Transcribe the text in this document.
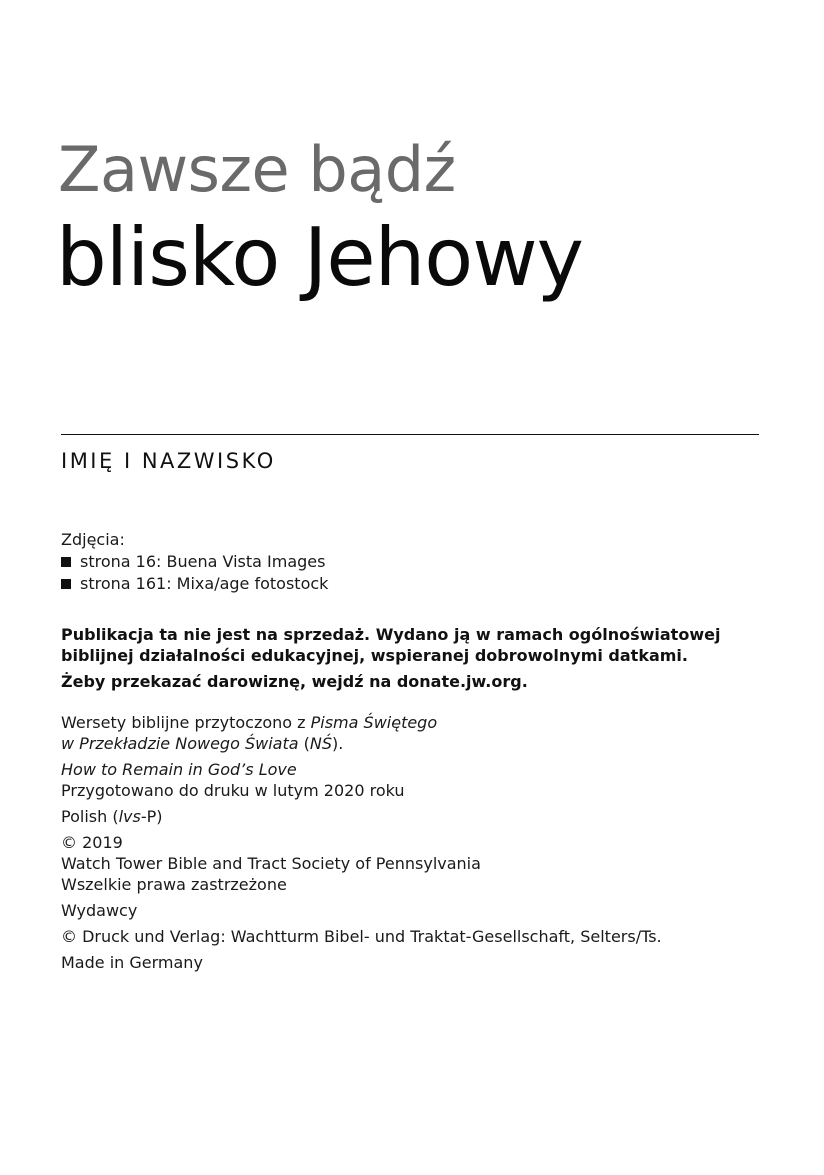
Zawsze bądź
blisko Jehowy
IMIĘ I NAZWISKO
Zdjęcia:
strona 16: Buena Vista Images
strona 161: Mixa/age fotostock
Publikacja ta nie jest na sprzedaż. Wydano ją w ramach ogólnoświatowej
biblijnej działalności edukacyjnej, wspieranej dobrowolnymi datkami.
Żeby przekazać darowiznę, wejdź na donate.jw.org.
Wersety biblijne przytoczono z Pisma Świętego
w Przekładzie Nowego Świata (NŚ).
How to Remain in God’s Love
Przygotowano do druku w lutym 2020 roku
Polish (lvs-P)
© 2019
Watch Tower Bible and Tract Society of Pennsylvania
Wszelkie prawa zastrzeżone
Wydawcy
© Druck und Verlag: Wachtturm Bibel- und Traktat-Gesellschaft, Selters/Ts.
Made in Germany
